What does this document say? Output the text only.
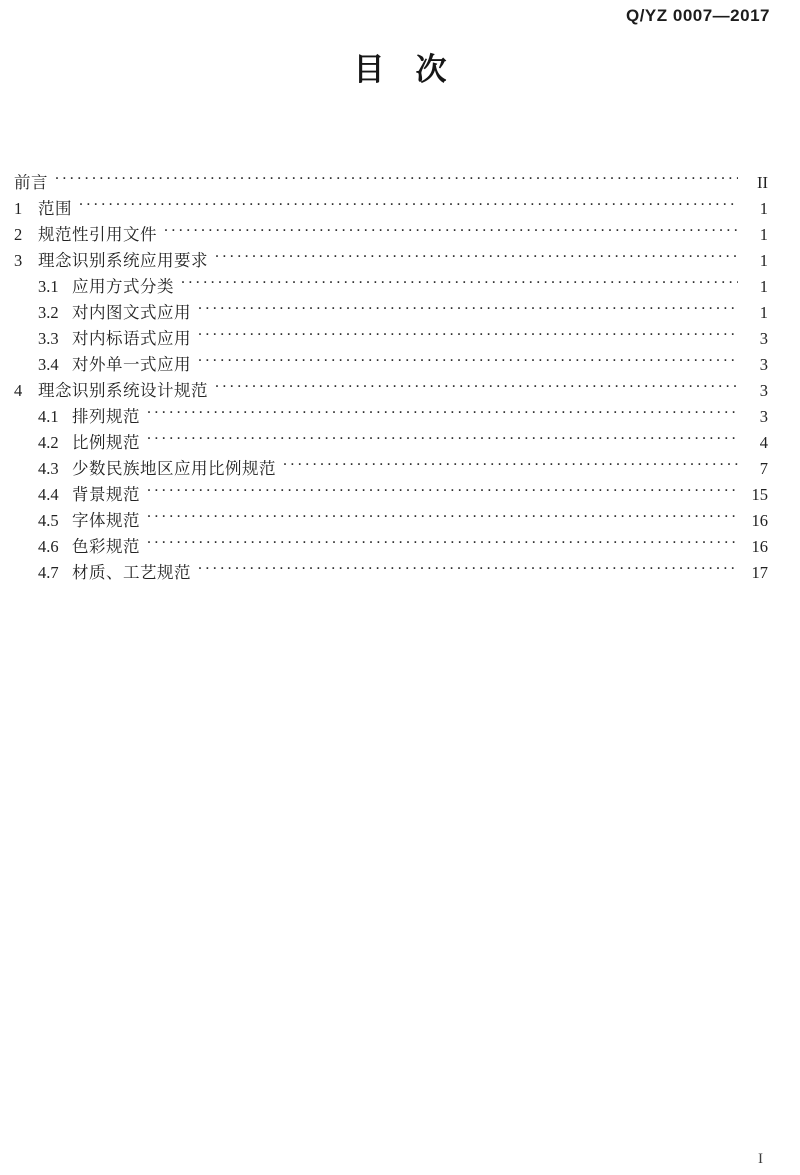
Q/YZ 0007—2017
目　次
前言 .....	II
1 范围 .....	1
2 规范性引用文件 .....	1
3 理念识别系统应用要求 .....	1
3.1 应用方式分类 .....	1
3.2 对内图文式应用 .....	1
3.3 对内标语式应用 .....	3
3.4 对外单一式应用 .....	3
4 理念识别系统设计规范 .....	3
4.1 排列规范 .....	3
4.2 比例规范 .....	4
4.3 少数民族地区应用比例规范 .....	7
4.4 背景规范 .....	15
4.5 字体规范 .....	16
4.6 色彩规范 .....	16
4.7 材质、工艺规范 .....	17
I
